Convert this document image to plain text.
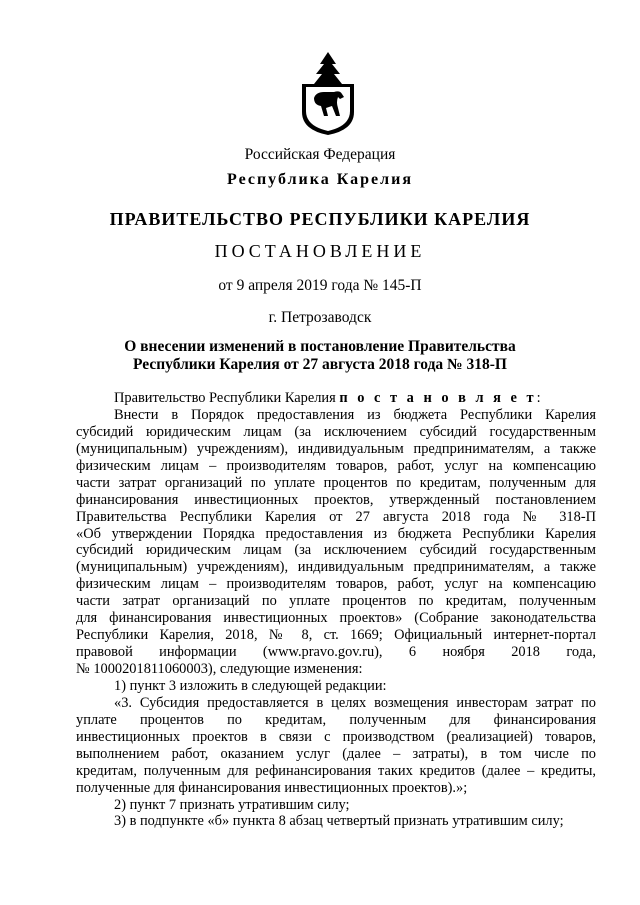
Российская Федерация
Республика Карелия
ПРАВИТЕЛЬСТВО РЕСПУБЛИКИ КАРЕЛИЯ
ПОСТАНОВЛЕНИЕ
от 9 апреля 2019 года № 145-П
г. Петрозаводск
О внесении изменений в постановление Правительства
Республики Карелия от 27 августа 2018 года № 318-П
Правительство Республики Карелия п о с т а н о в л я е т:
Внести в Порядок предоставления из бюджета Республики Карелия
субсидий юридическим лицам (за исключением субсидий государственным
(муниципальным) учреждениям), индивидуальным предпринимателям, а также
физическим лицам – производителям товаров, работ, услуг на компенсацию
части затрат организаций по уплате процентов по кредитам, полученным для
финансирования инвестиционных проектов, утвержденный постановлением
Правительства Республики Карелия от 27 августа 2018 года № 318-П
«Об утверждении Порядка предоставления из бюджета Республики Карелия
субсидий юридическим лицам (за исключением субсидий государственным
(муниципальным) учреждениям), индивидуальным предпринимателям, а также
физическим лицам – производителям товаров, работ, услуг на компенсацию
части затрат организаций по уплате процентов по кредитам, полученным
для финансирования инвестиционных проектов» (Собрание законодательства
Республики Карелия, 2018, № 8, ст. 1669; Официальный интернет-портал
правовой информации (www.pravo.gov.ru), 6 ноября 2018 года,
№ 1000201811060003), следующие изменения:
1) пункт 3 изложить в следующей редакции:
«3. Субсидия предоставляется в целях возмещения инвесторам затрат по
уплате процентов по кредитам, полученным для финансирования
инвестиционных проектов в связи с производством (реализацией) товаров,
выполнением работ, оказанием услуг (далее – затраты), в том числе по
кредитам, полученным для рефинансирования таких кредитов (далее – кредиты,
полученные для финансирования инвестиционных проектов).»;
2) пункт 7 признать утратившим силу;
3) в подпункте «б» пункта 8 абзац четвертый признать утратившим силу;
